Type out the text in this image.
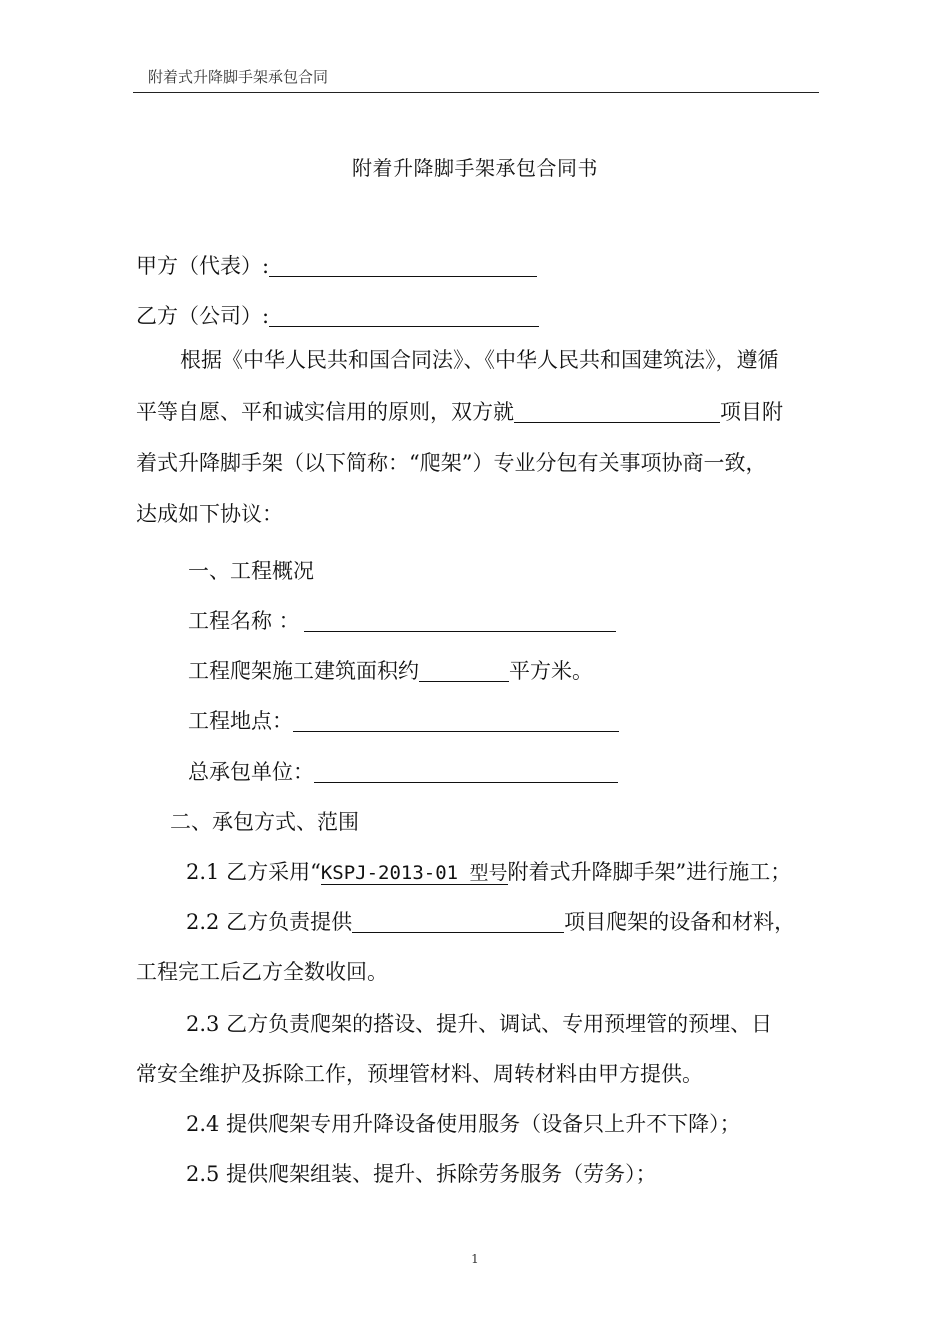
附着式升降脚手架承包合同
附着升降脚手架承包合同书
甲方（代表）:
乙方（公司）:
根据《中华人民共和国合同法》、《中华人民共和国建筑法》，遵循
平等自愿、平和诚实信用的原则，双方就	项目附
着式升降脚手架（以下简称：“爬架”）专业分包有关事项协商一致，
达成如下协议：
一、工程概况
工程名称 ：
工程爬架施工建筑面积约	平方米。
工程地点：
总承包单位：
二、承包方式、范围
2.1 乙方采用“KSPJ-2013-01 型号附着式升降脚手架”进行施工；
2.2 乙方负责提供	项目爬架的设备和材料，
工程完工后乙方全数收回。
2.3 乙方负责爬架的搭设、提升、调试、专用预埋管的预埋、日
常安全维护及拆除工作，预埋管材料、周转材料由甲方提供。
2.4 提供爬架专用升降设备使用服务（设备只上升不下降）；
2.5 提供爬架组装、提升、拆除劳务服务（劳务）；
1
